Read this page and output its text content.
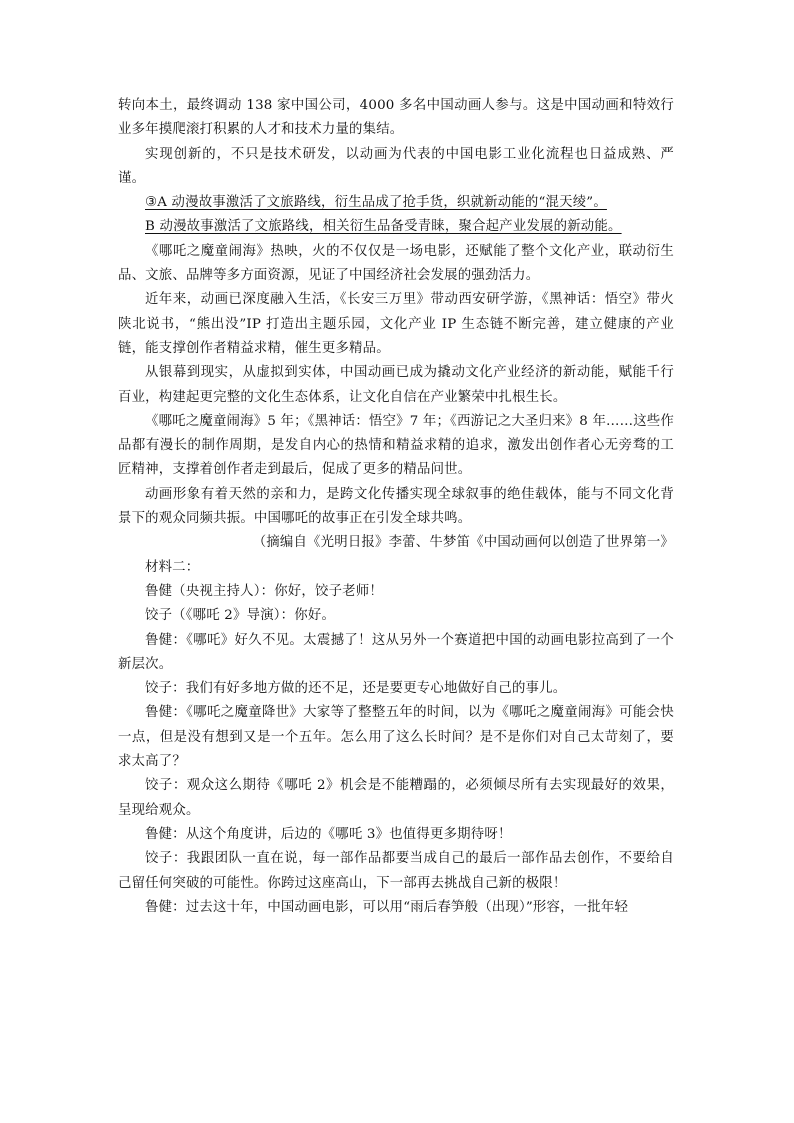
转向本土，最终调动 138 家中国公司，4000 多名中国动画人参与。这是中国动画和特效行业多年摸爬滚打积累的人才和技术力量的集结。

实现创新的，不只是技术研发，以动画为代表的中国电影工业化流程也日益成熟、严谨。

③A 动漫故事激活了文旅路线，衍生品成了抢手货，织就新动能的“混天绫”。

B 动漫故事激活了文旅路线，相关衍生品备受青睐，聚合起产业发展的新动能。

《哪吒之魔童闹海》热映，火的不仅仅是一场电影，还赋能了整个文化产业，联动衍生品、文旅、品牌等多方面资源，见证了中国经济社会发展的强劲活力。

近年来，动画已深度融入生活，《长安三万里》带动西安研学游，《黑神话：悟空》带火陕北说书，“熊出没”IP 打造出主题乐园，文化产业 IP 生态链不断完善，建立健康的产业链，能支撑创作者精益求精，催生更多精品。

从银幕到现实，从虚拟到实体，中国动画已成为撬动文化产业经济的新动能，赋能千行百业，构建起更完整的文化生态体系，让文化自信在产业繁荣中扎根生长。

《哪吒之魔童闹海》5 年；《黑神话：悟空》7 年；《西游记之大圣归来》8 年……这些作品都有漫长的制作周期，是发自内心的热情和精益求精的追求，激发出创作者心无旁骛的工匠精神，支撑着创作者走到最后，促成了更多的精品问世。

动画形象有着天然的亲和力，是跨文化传播实现全球叙事的绝佳载体，能与不同文化背景下的观众同频共振。中国哪吒的故事正在引发全球共鸣。

（摘编自《光明日报》李蕾、牛梦笛《中国动画何以创造了世界第一》

材料二：

鲁健（央视主持人）：你好，饺子老师！

饺子（《哪吒 2》导演）：你好。

鲁健：《哪吒》好久不见。太震撼了！这从另外一个赛道把中国的动画电影拉高到了一个新层次。

饺子：我们有好多地方做的还不足，还是要更专心地做好自己的事儿。

鲁健：《哪吒之魔童降世》大家等了整整五年的时间，以为《哪吒之魔童闹海》可能会快一点，但是没有想到又是一个五年。怎么用了这么长时间？是不是你们对自己太苛刻了，要求太高了？

饺子：观众这么期待《哪吒 2》机会是不能糟蹋的，必须倾尽所有去实现最好的效果，呈现给观众。

鲁健：从这个角度讲，后边的《哪吒 3》也值得更多期待呀！

饺子：我跟团队一直在说，每一部作品都要当成自己的最后一部作品去创作，不要给自己留任何突破的可能性。你跨过这座高山，下一部再去挑战自己新的极限！

鲁健：过去这十年，中国动画电影，可以用“雨后春笋般（出现）”形容，一批年轻
